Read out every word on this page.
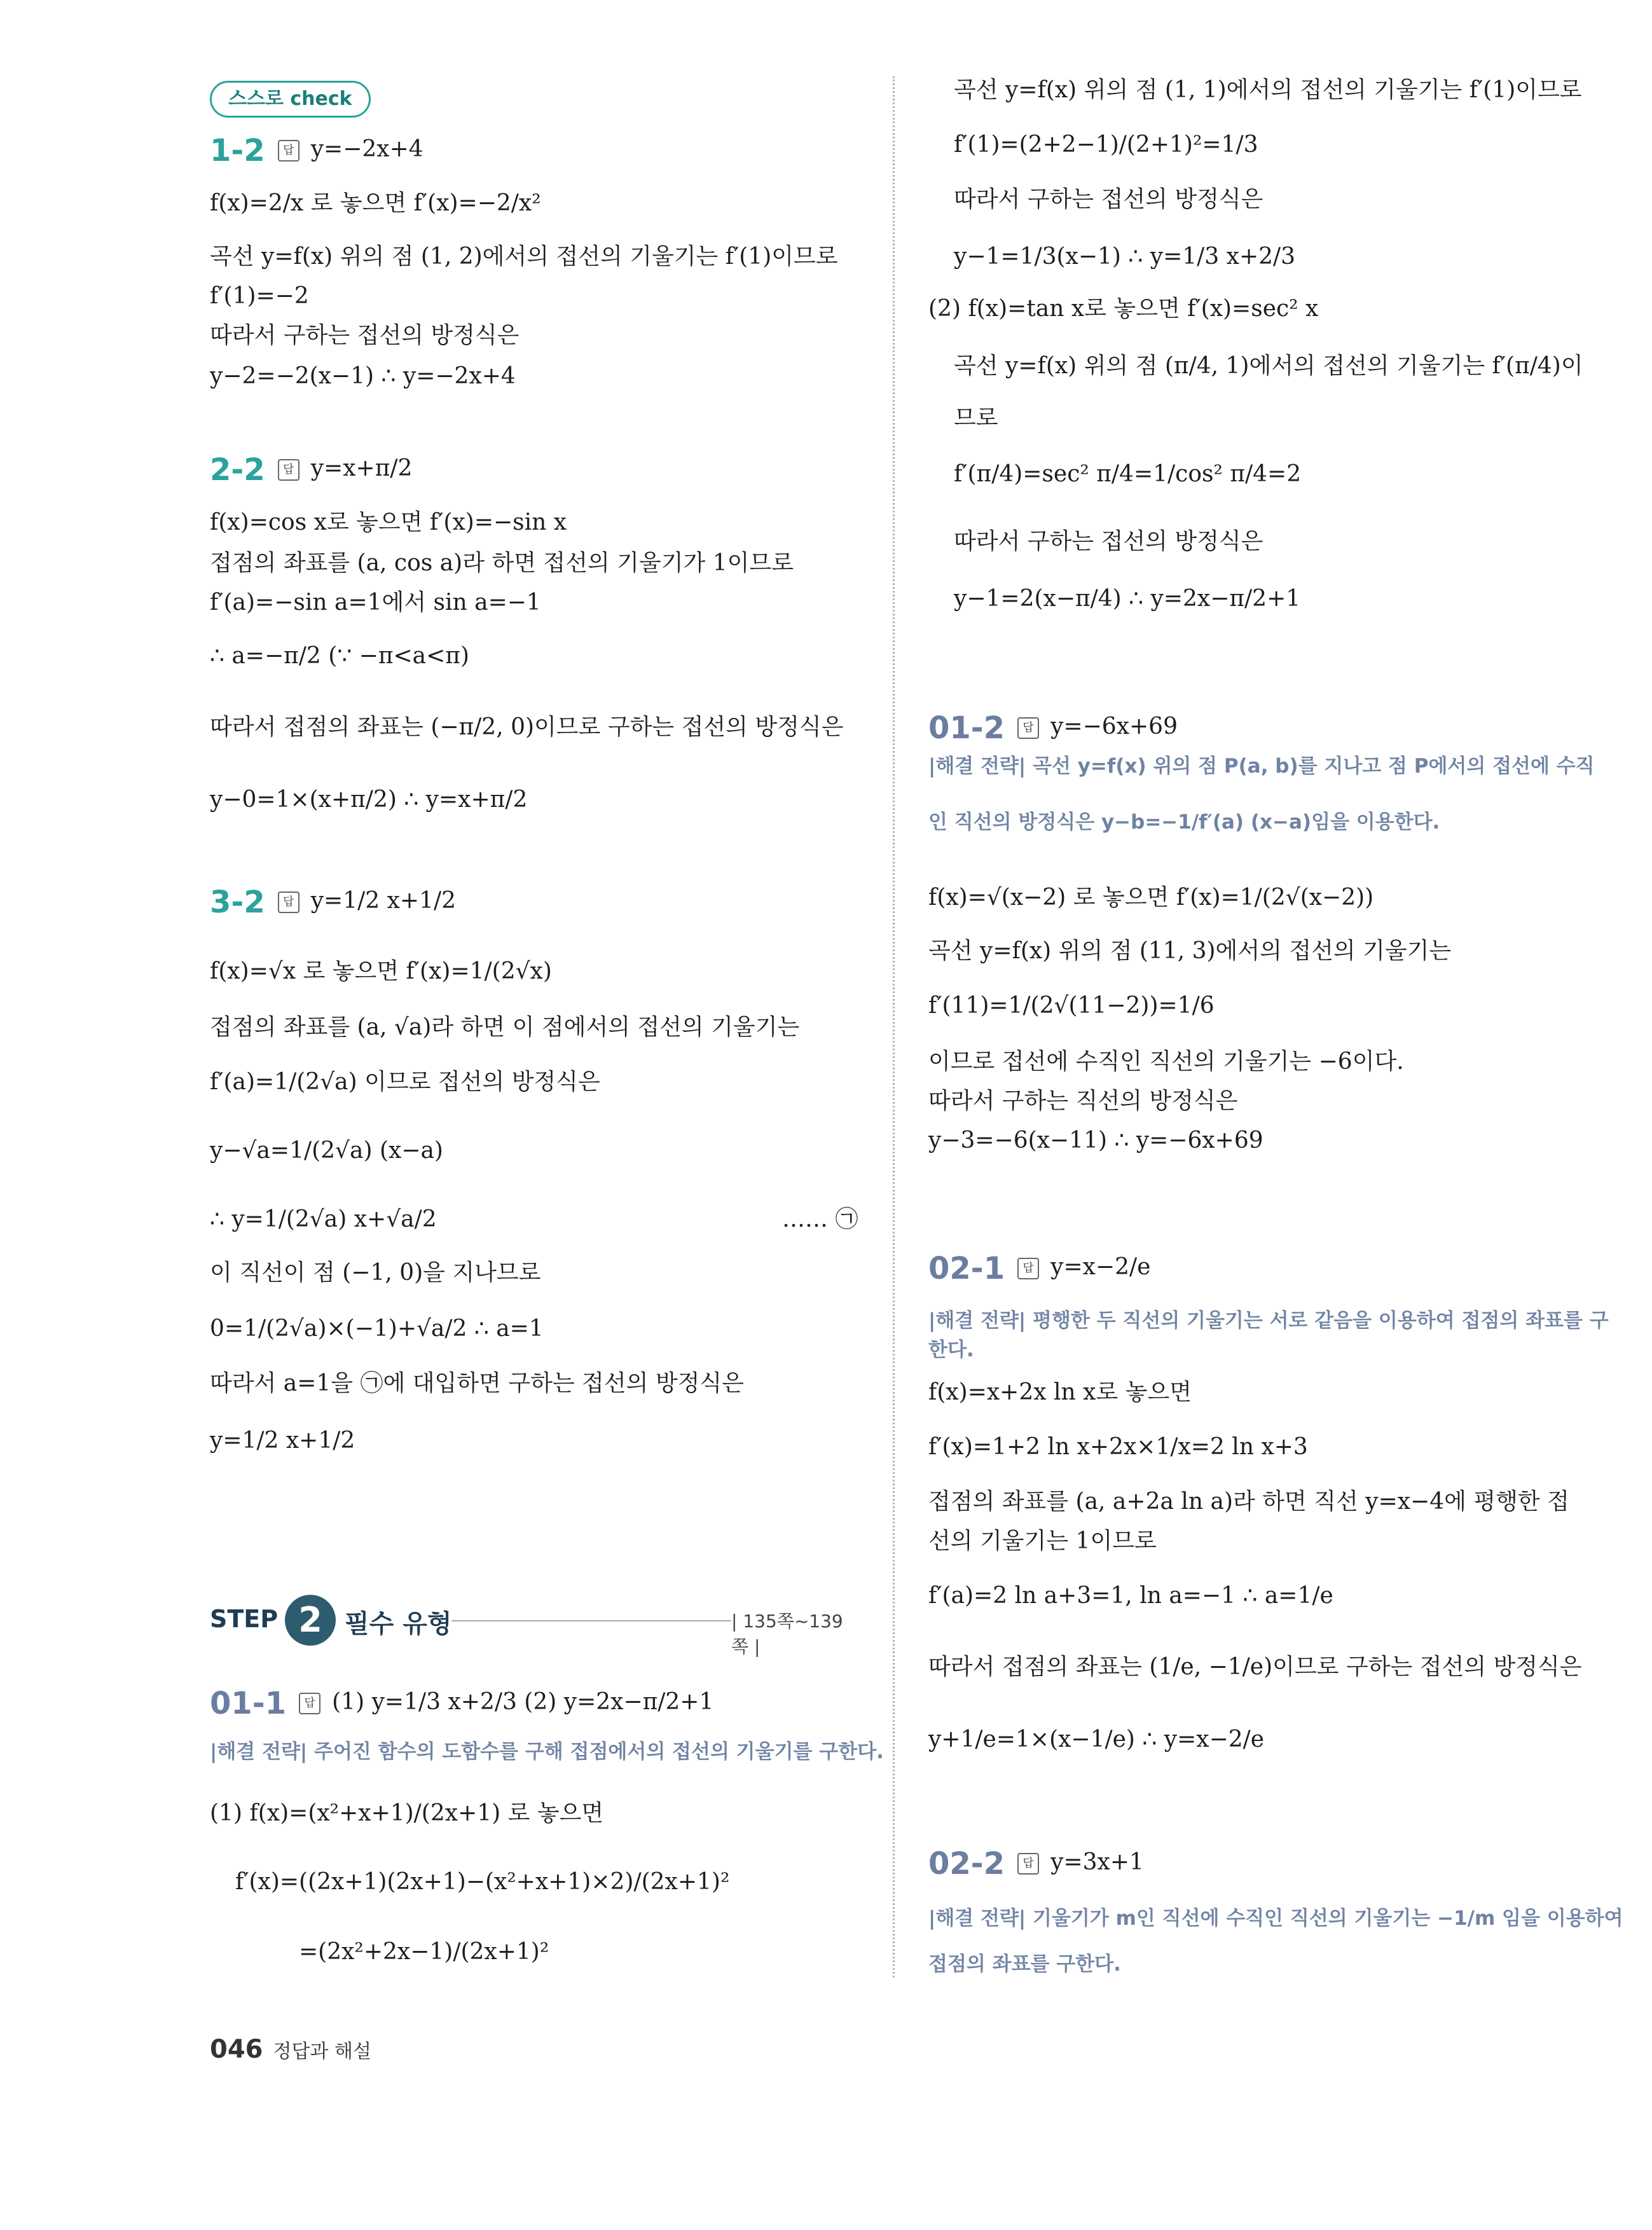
스스로 check
1-2 답 y=−2x+4
f(x)=2/x 로 놓으면 f′(x)=−2/x²
곡선 y=f(x) 위의 점 (1, 2)에서의 접선의 기울기는 f′(1)이므로
f′(1)=−2
따라서 구하는 접선의 방정식은
y−2=−2(x−1) ∴ y=−2x+4
2-2 답 y=x+π/2
f(x)=cos x로 놓으면 f′(x)=−sin x
접점의 좌표를 (a, cos a)라 하면 접선의 기울기가 1이므로
f′(a)=−sin a=1에서 sin a=−1
∴ a=−π/2 (∵ −π<a<π)
따라서 접점의 좌표는 (−π/2, 0)이므로 구하는 접선의 방정식은
y−0=1×(x+π/2) ∴ y=x+π/2
3-2 답 y=1/2 x+1/2
f(x)=√x 로 놓으면 f′(x)=1/(2√x)
접점의 좌표를 (a, √a)라 하면 이 점에서의 접선의 기울기는
f′(a)=1/(2√a) 이므로 접선의 방정식은
y−√a=1/(2√a) (x−a)
∴ y=1/(2√a) x+√a/2	…… ㉠
이 직선이 점 (−1, 0)을 지나므로
0=1/(2√a)×(−1)+√a/2 ∴ a=1
따라서 a=1을 ㉠에 대입하면 구하는 접선의 방정식은
y=1/2 x+1/2
STEP 2 필수 유형	| 135쪽~139쪽 |
01-1 답 (1) y=1/3 x+2/3 (2) y=2x−π/2+1
|해결 전략| 주어진 함수의 도함수를 구해 접점에서의 접선의 기울기를 구한다.
(1) f(x)=(x²+x+1)/(2x+1) 로 놓으면
f′(x)=((2x+1)(2x+1)−(x²+x+1)×2)/(2x+1)²
=(2x²+2x−1)/(2x+1)²
곡선 y=f(x) 위의 점 (1, 1)에서의 접선의 기울기는 f′(1)이므로
f′(1)=(2+2−1)/(2+1)²=1/3
따라서 구하는 접선의 방정식은
y−1=1/3(x−1) ∴ y=1/3 x+2/3
(2) f(x)=tan x로 놓으면 f′(x)=sec² x
곡선 y=f(x) 위의 점 (π/4, 1)에서의 접선의 기울기는 f′(π/4)이
므로
f′(π/4)=sec² π/4=1/cos² π/4=2
따라서 구하는 접선의 방정식은
y−1=2(x−π/4) ∴ y=2x−π/2+1
01-2 답 y=−6x+69
|해결 전략| 곡선 y=f(x) 위의 점 P(a, b)를 지나고 점 P에서의 접선에 수직
인 직선의 방정식은 y−b=−1/f′(a) (x−a)임을 이용한다.
f(x)=√(x−2) 로 놓으면 f′(x)=1/(2√(x−2))
곡선 y=f(x) 위의 점 (11, 3)에서의 접선의 기울기는
f′(11)=1/(2√(11−2))=1/6
이므로 접선에 수직인 직선의 기울기는 −6이다.
따라서 구하는 직선의 방정식은
y−3=−6(x−11) ∴ y=−6x+69
02-1 답 y=x−2/e
|해결 전략| 평행한 두 직선의 기울기는 서로 같음을 이용하여 접점의 좌표를 구
한다.
f(x)=x+2x ln x로 놓으면
f′(x)=1+2 ln x+2x×1/x=2 ln x+3
접점의 좌표를 (a, a+2a ln a)라 하면 직선 y=x−4에 평행한 접
선의 기울기는 1이므로
f′(a)=2 ln a+3=1, ln a=−1 ∴ a=1/e
따라서 접점의 좌표는 (1/e, −1/e)이므로 구하는 접선의 방정식은
y+1/e=1×(x−1/e) ∴ y=x−2/e
02-2 답 y=3x+1
|해결 전략| 기울기가 m인 직선에 수직인 직선의 기울기는 −1/m 임을 이용하여
접점의 좌표를 구한다.
046 정답과 해설
